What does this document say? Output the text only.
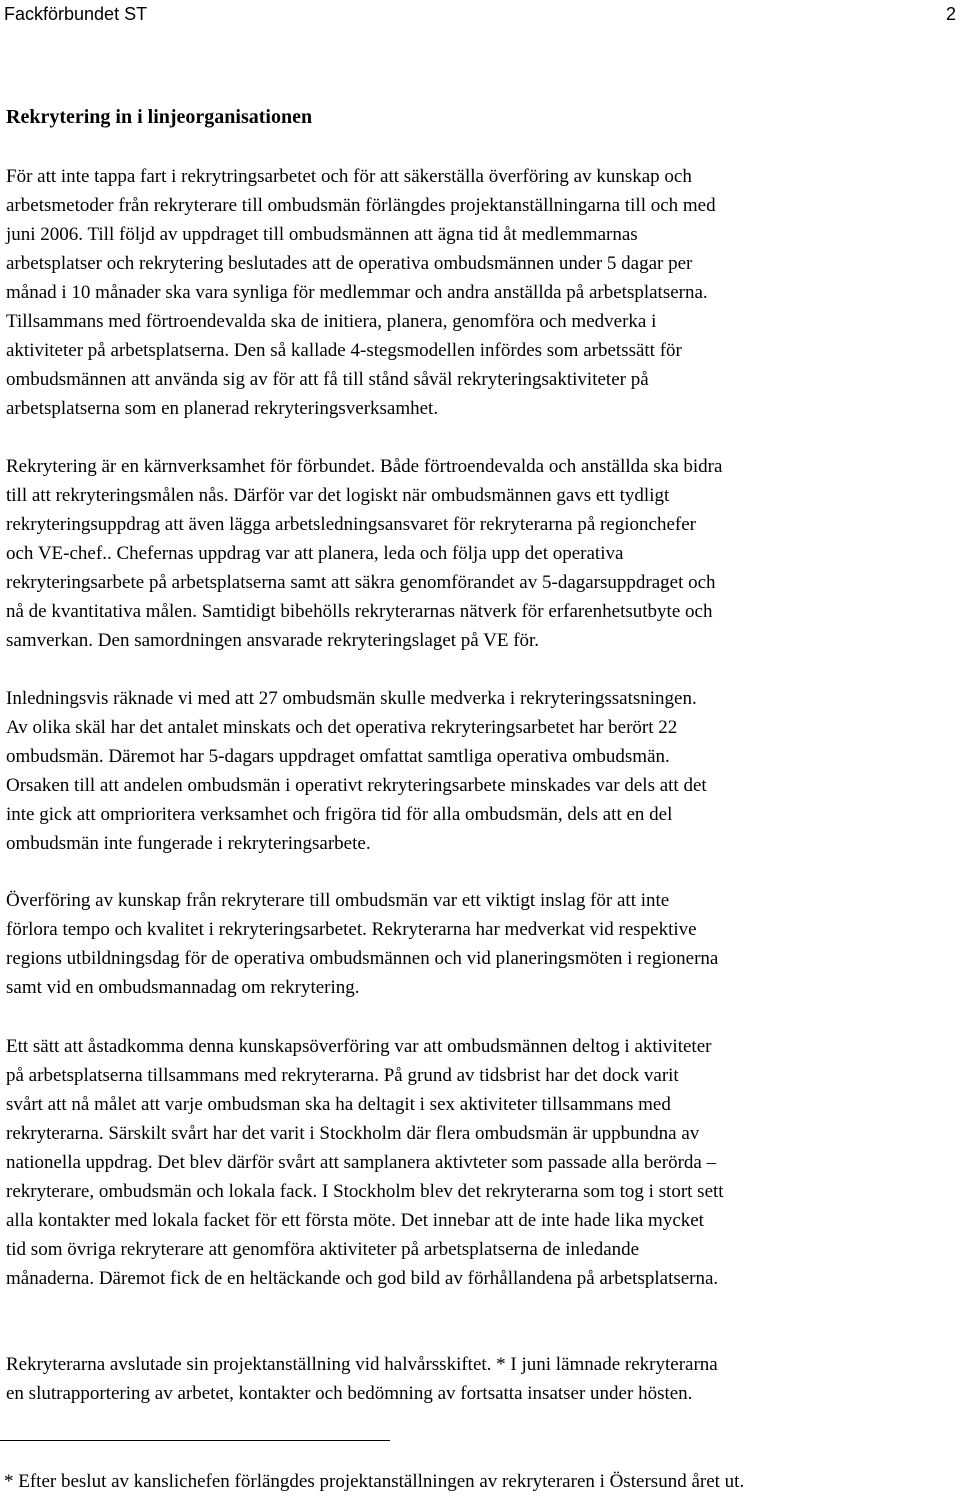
Fackförbundet ST	2
Rekrytering in i linjeorganisationen
För att inte tappa fart i rekrytringsarbetet och för att säkerställa överföring av kunskap och
arbetsmetoder från rekryterare till ombudsmän förlängdes projektanställningarna till och med
juni 2006. Till följd av uppdraget till ombudsmännen att ägna tid åt medlemmarnas
arbetsplatser och rekrytering beslutades att de operativa ombudsmännen under 5 dagar per
månad i 10 månader ska vara synliga för medlemmar och andra anställda på arbetsplatserna.
Tillsammans med förtroendevalda ska de initiera, planera, genomföra och medverka i
aktiviteter på arbetsplatserna. Den så kallade 4-stegsmodellen infördes som arbetssätt för
ombudsmännen att använda sig av för att få till stånd såväl rekryteringsaktiviteter på
arbetsplatserna som en planerad rekryteringsverksamhet.
Rekrytering är en kärnverksamhet för förbundet. Både förtroendevalda och anställda ska bidra
till att rekryteringsmålen nås. Därför var det logiskt när ombudsmännen gavs ett tydligt
rekryteringsuppdrag att även lägga arbetsledningsansvaret för rekryterarna på regionchefer
och VE-chef.. Chefernas uppdrag var att planera, leda och följa upp det operativa
rekryteringsarbete på arbetsplatserna samt att säkra genomförandet av 5-dagarsuppdraget och
nå de kvantitativa målen. Samtidigt bibehölls rekryterarnas nätverk för erfarenhetsutbyte och
samverkan. Den samordningen ansvarade rekryteringslaget på VE för.
Inledningsvis räknade vi med att 27 ombudsmän skulle medverka i rekryteringssatsningen.
Av olika skäl har det antalet minskats och det operativa rekryteringsarbetet har berört 22
ombudsmän. Däremot har 5-dagars uppdraget omfattat samtliga operativa ombudsmän.
Orsaken till att andelen ombudsmän i operativt rekryteringsarbete minskades var dels att det
inte gick att omprioritera verksamhet och frigöra tid för alla ombudsmän, dels att en del
ombudsmän inte fungerade i rekryteringsarbete.
Överföring av kunskap från rekryterare till ombudsmän var ett viktigt inslag för att inte
förlora tempo och kvalitet i rekryteringsarbetet. Rekryterarna har medverkat vid respektive
regions utbildningsdag för de operativa ombudsmännen och vid planeringsmöten i regionerna
samt vid en ombudsmannadag om rekrytering.
Ett sätt att åstadkomma denna kunskapsöverföring var att ombudsmännen deltog i aktiviteter
på arbetsplatserna tillsammans med rekryterarna. På grund av tidsbrist har det dock varit
svårt att nå målet att varje ombudsman ska ha deltagit i sex aktiviteter tillsammans med
rekryterarna. Särskilt svårt har det varit i Stockholm där flera ombudsmän är uppbundna av
nationella uppdrag. Det blev därför svårt att samplanera aktivteter som passade alla berörda –
rekryterare, ombudsmän och lokala fack. I Stockholm blev det rekryterarna som tog i stort sett
alla kontakter med lokala facket för ett första möte. Det innebar att de inte hade lika mycket
tid som övriga rekryterare att genomföra aktiviteter på arbetsplatserna de inledande
månaderna. Däremot fick de en heltäckande och god bild av förhållandena på arbetsplatserna.
Rekryterarna avslutade sin projektanställning vid halvårsskiftet. * I juni lämnade rekryterarna
en slutrapportering av arbetet, kontakter och bedömning av fortsatta insatser under hösten.

* Efter beslut av kanslichefen förlängdes projektanställningen av rekryteraren i Östersund året ut.
